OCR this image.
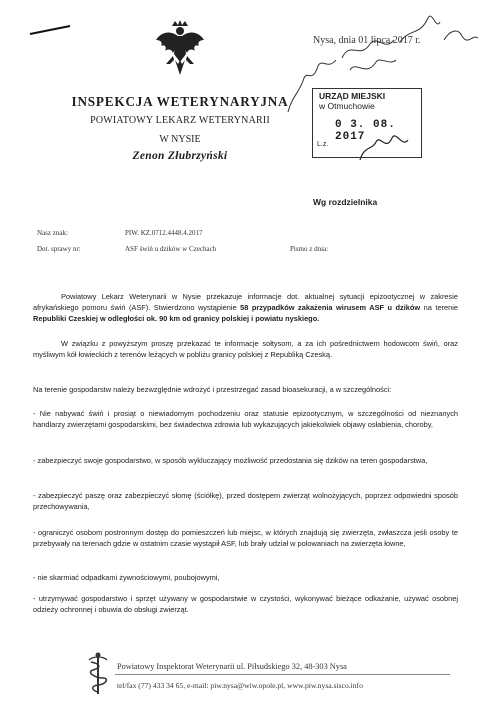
INSPEKCJA WETERYNARYJNA
POWIATOWY LEKARZ WETERYNARII
W NYSIE
Zenon Złubrzyński
Nysa, dnia 01 lipca 2017 r.
URZĄD MIEJSKI
w Otmuchowie
0 3. 08. 2017
L.z.
Wg rozdzielnika
Nasz znak:	PIW. KZ.0712.4448.4.2017
Dot. sprawy nr:	ASF świń u dzików w Czechach	Pismo z dnia:
Powiatowy Lekarz Weterynarii w Nysie przekazuje informacje dot. aktualnej sytuacji epizootycznej w zakresie afrykańskiego pomoru świń (ASF). Stwierdzono wystąpienie 58 przypadków zakażenia wirusem ASF u dzików na terenie Republiki Czeskiej w odległości ok. 90 km od granicy polskiej i powiatu nyskiego.
W związku z powyższym proszę przekazać te informacje sołtysom, a za ich pośrednictwem hodowcom świń, oraz myśliwym kół łowieckich z terenów leżących w pobliżu granicy polskiej z Republiką Czeską.
Na terenie gospodarstw należy bezwzględnie wdrożyć i przestrzegać zasad bioasekuracji, a w szczególności:
- Nie nabywać świń i prosiąt o niewiadomym pochodzeniu oraz statusie epizootycznym, w szczególności od nieznanych handlarzy zwierzętami gospodarskimi, bez świadectwa zdrowia lub wykazujących jakiekolwiek objawy osłabienia, choroby,
- zabezpieczyć swoje gospodarstwo, w sposób wykluczający możliwość przedostania się dzików na teren gospodarstwa,
- zabezpieczyć paszę oraz zabezpieczyć słomę (ściółkę), przed dostępem zwierząt wolnożyjących, poprzez odpowiedni sposób przechowywania,
- ograniczyć osobom postronnym dostęp do pomieszczeń lub miejsc, w których znajdują się zwierzęta, zwłaszcza jeśli osoby te przebywały na terenach gdzie w ostatnim czasie wystąpił ASF, lub brały udział w polowaniach na zwierzęta łowne,
- nie skarmiać odpadkami żywnościowymi, poubojowymi,
- utrzymywać gospodarstwo i sprzęt używany w gospodarstwie w czystości, wykonywać bieżące odkażanie, używać osobnej odzieży ochronnej i obuwia do obsługi zwierząt.
Powiatowy Inspektorat Weterynarii ul. Piłsudskiego 32, 48-303 Nysa
tel/fax (77) 433 34 65, e-mail: piw.nysa@wiw.opole.pl, www.piw.nysa.sisco.info
